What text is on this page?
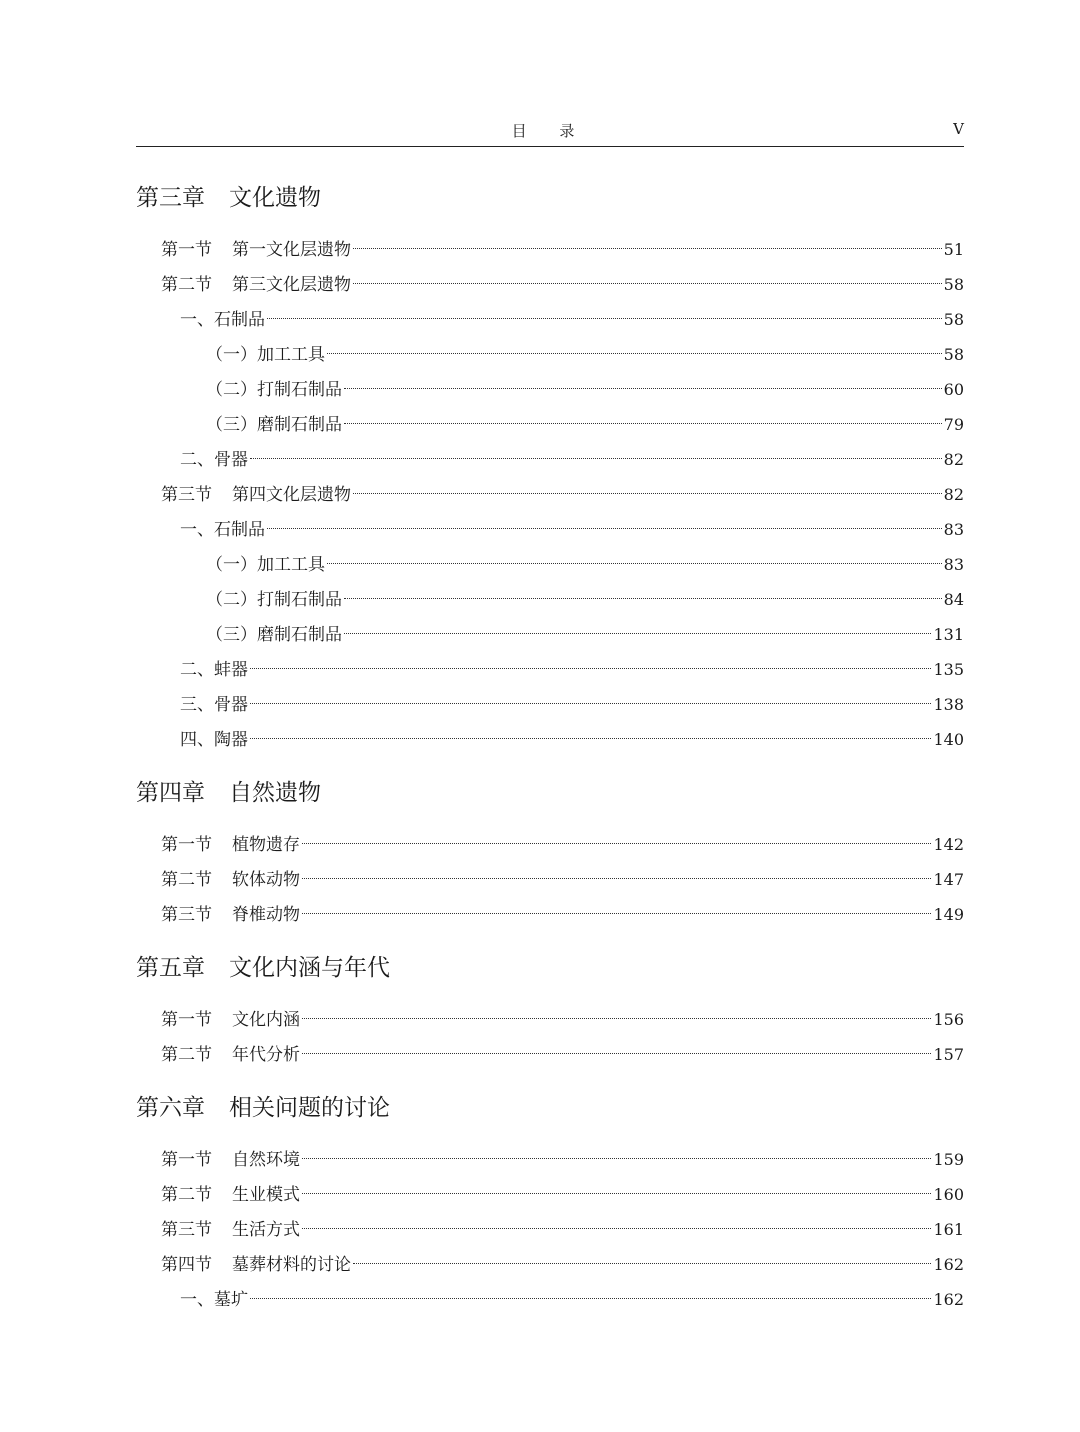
目 录	V
第三章 文化遗物
第一节 第一文化层遗物	51
第二节 第三文化层遗物	58
一、石制品	58
（一）加工工具	58
（二）打制石制品	60
（三）磨制石制品	79
二、骨器	82
第三节 第四文化层遗物	82
一、石制品	83
（一）加工工具	83
（二）打制石制品	84
（三）磨制石制品	131
二、蚌器	135
三、骨器	138
四、陶器	140
第四章 自然遗物
第一节 植物遗存	142
第二节 软体动物	147
第三节 脊椎动物	149
第五章 文化内涵与年代
第一节 文化内涵	156
第二节 年代分析	157
第六章 相关问题的讨论
第一节 自然环境	159
第二节 生业模式	160
第三节 生活方式	161
第四节 墓葬材料的讨论	162
一、墓圹	162
